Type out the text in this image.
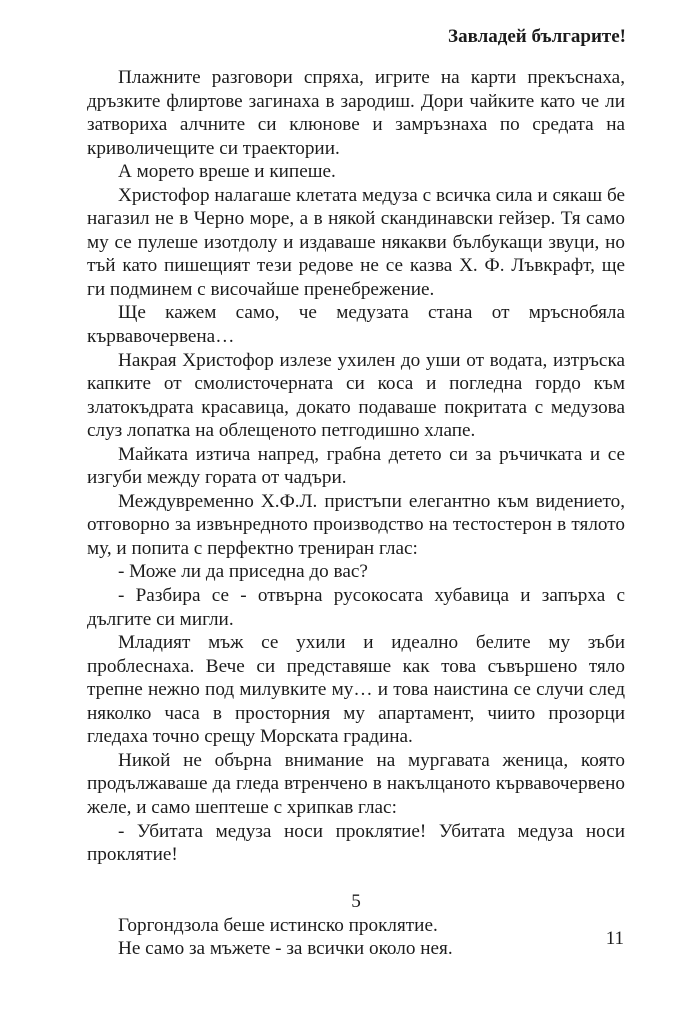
Завладей българите!

Плажните разговори спряха, игрите на карти прекъснаха, дръзките флиртове загинаха в зародиш. Дори чайките като че ли затвориха алчните си клюнове и замръзнаха по средата на криволичещите си траектории.

А морето вреше и кипеше.

Христофор налагаше клетата медуза с всичка сила и сякаш бе нагазил не в Черно море, а в някой скандинавски гейзер. Тя само му се пулеше изотдолу и издаваше някакви бълбукащи звуци, но тъй като пишещият тези редове не се казва Х. Ф. Лъвкрафт, ще ги подминем с височайше пренебрежение.

Ще кажем само, че медузата стана от мръснобяла кървавочервена…

Накрая Христофор излезе ухилен до уши от водата, изтръска капките от смолисточерната си коса и погледна гордо към златокъдрата красавица, докато подаваше покритата с медузова слуз лопатка на облещеното петгодишно хлапе.

Майката изтича напред, грабна детето си за ръчичката и се изгуби между гората от чадъри.

Междувременно Х.Ф.Л. пристъпи елегантно към видението, отговорно за извънредното производство на тестостерон в тялото му, и попита с перфектно трениран глас:

- Може ли да приседна до вас?

- Разбира се - отвърна русокосата хубавица и запърха с дългите си мигли.

Младият мъж се ухили и идеално белите му зъби проблеснаха. Вече си представяше как това съвършено тяло трепне нежно под милувките му… и това наистина се случи след няколко часа в просторния му апартамент, чиито прозорци гледаха точно срещу Морската градина.

Никой не обърна внимание на мургавата женица, която продължаваше да гледа втренчено в накълцаното кървавочервено желе, и само шептеше с хрипкав глас:

- Убитата медуза носи проклятие! Убитата медуза носи проклятие!

5

Горгондзола беше истинско проклятие.

Не само за мъжете - за всички около нея.	11
